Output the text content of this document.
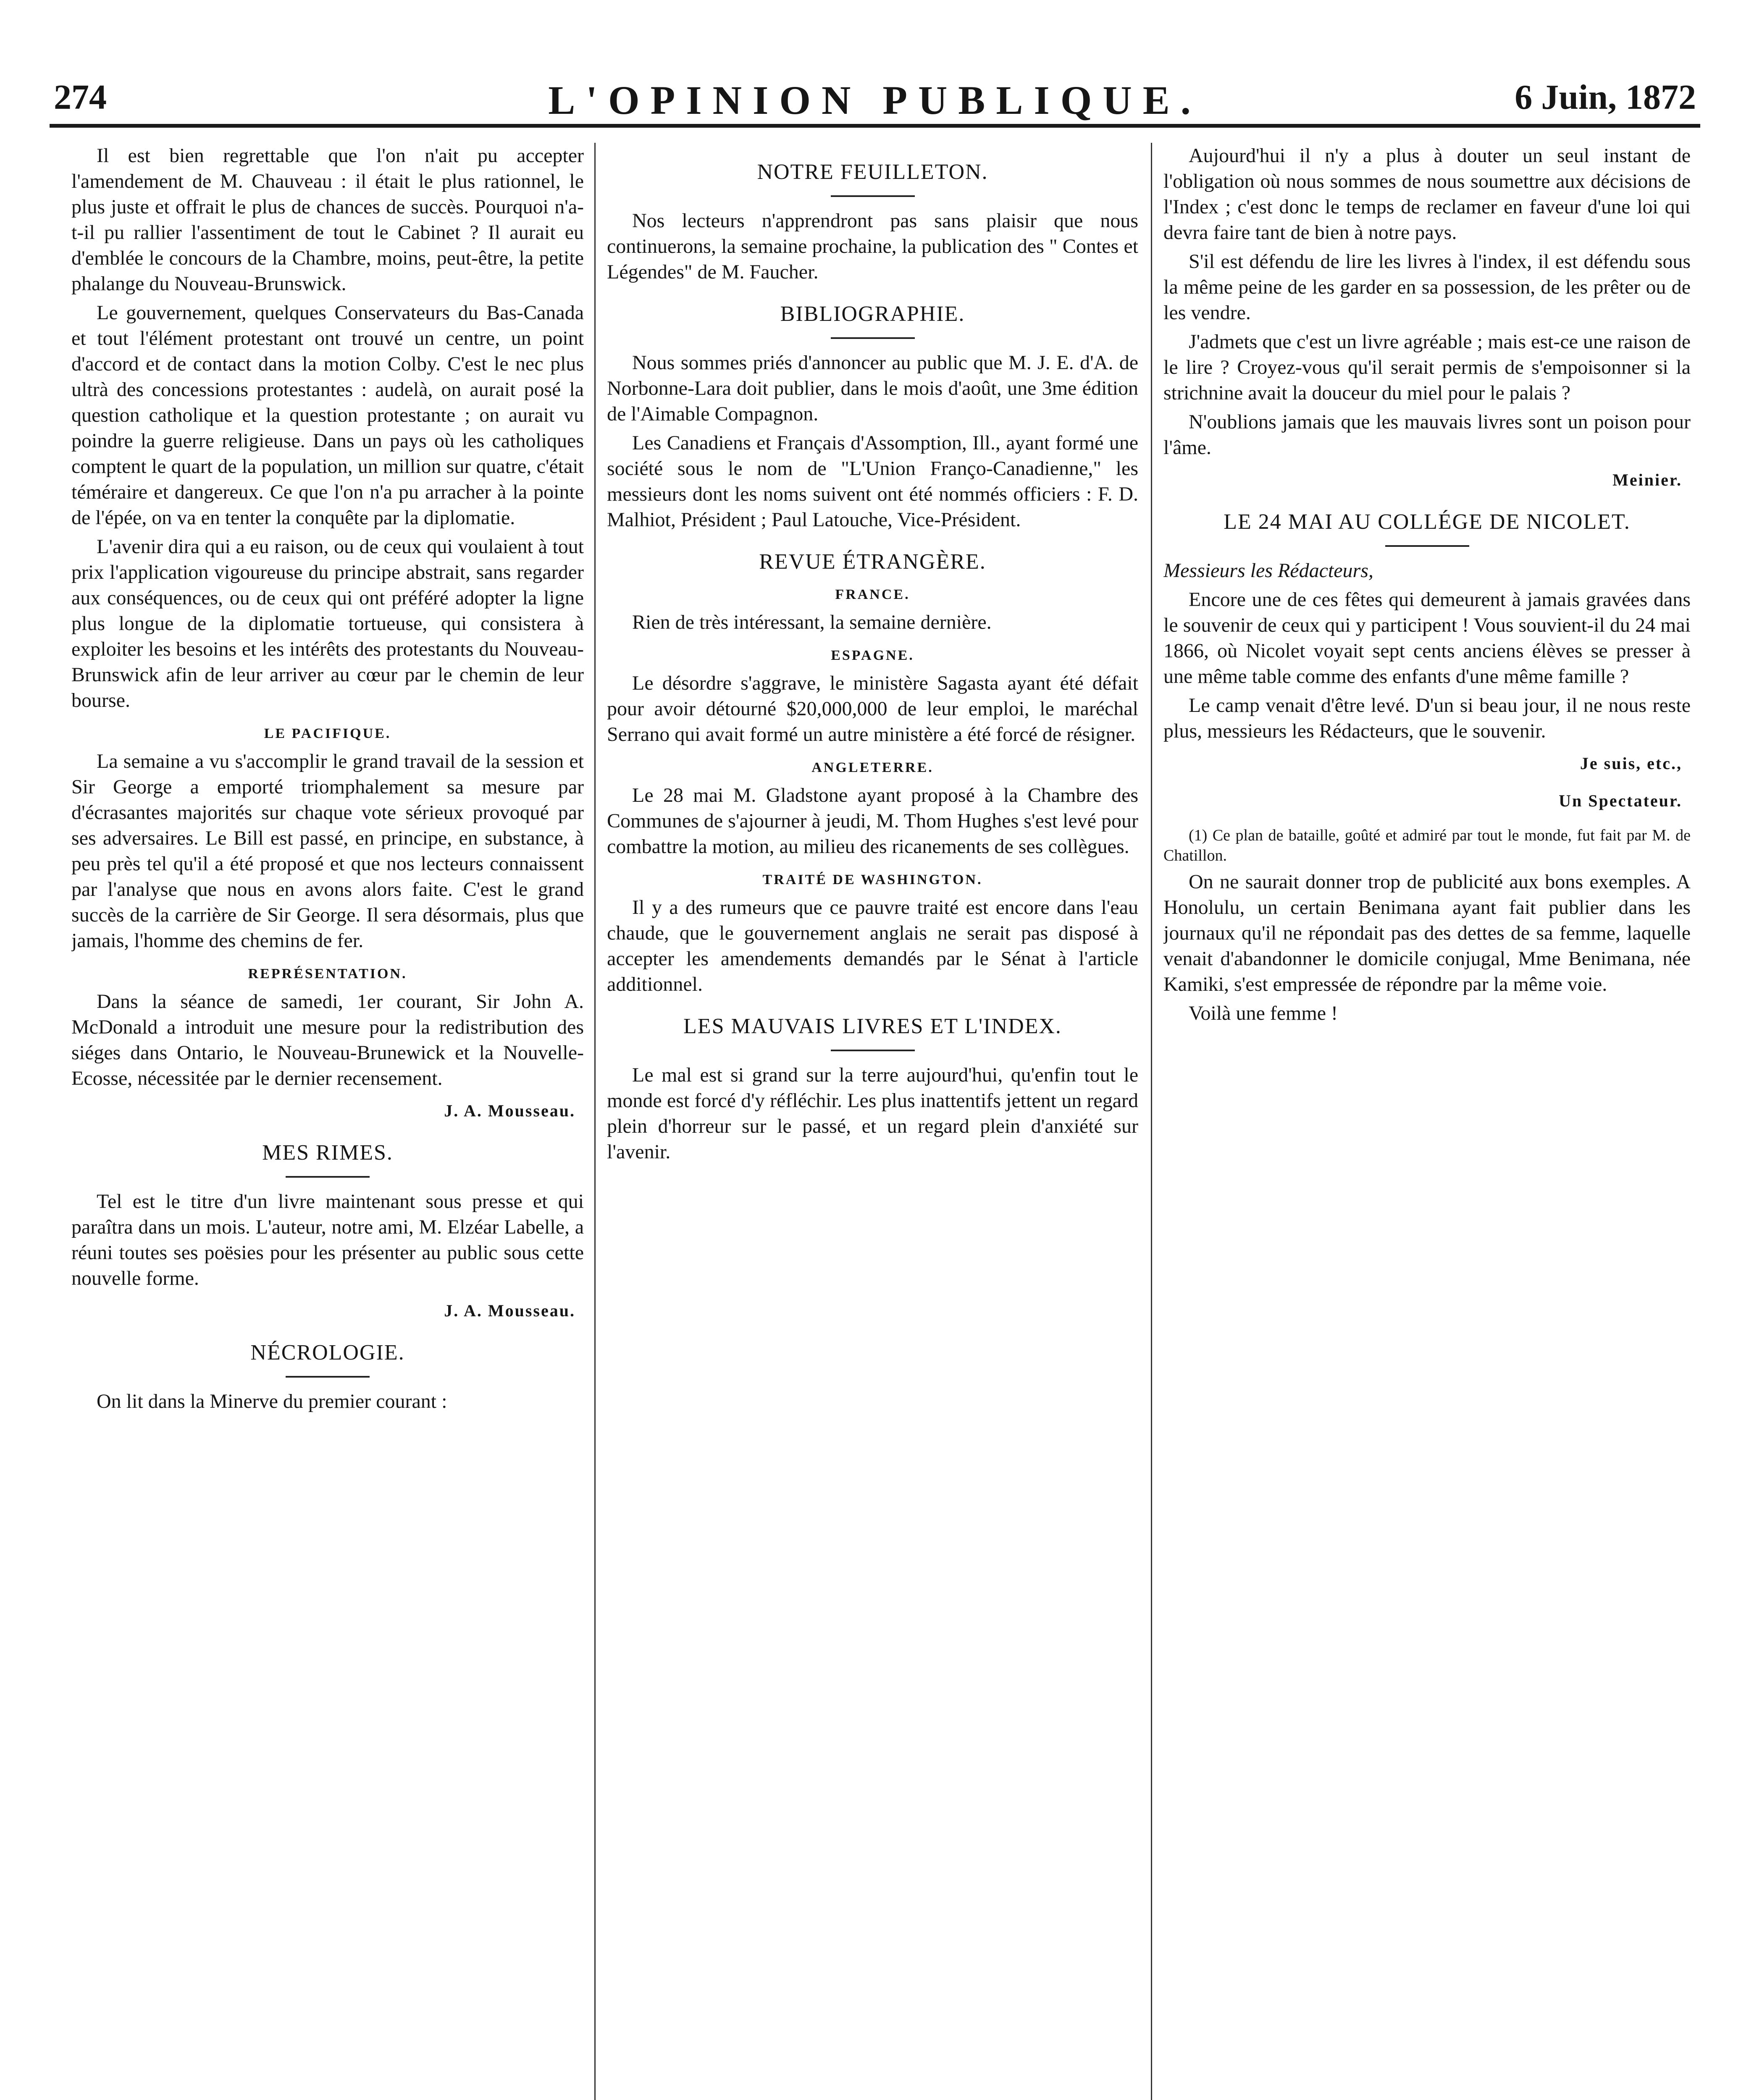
274	L'OPINION PUBLIQUE.	6 Juin, 1872

Il est bien regrettable que l'on n'ait pu accepter l'amendement de M. Chauveau : il était le plus rationnel, le plus juste et offrait le plus de chances de succès. Pourquoi n'a-t-il pu rallier l'assentiment de tout le Cabinet ? Il aurait eu d'emblée le concours de la Chambre, moins, peut-être, la petite phalange du Nouveau-Brunswick.

Le gouvernement, quelques Conservateurs du Bas-Canada et tout l'élément protestant ont trouvé un centre, un point d'accord et de contact dans la motion Colby. C'est le nec plus ultrà des concessions protestantes : audelà, on aurait posé la question catholique et la question protestante ; on aurait vu poindre la guerre religieuse. Dans un pays où les catholiques comptent le quart de la population, un million sur quatre, c'était téméraire et dangereux. Ce que l'on n'a pu arracher à la pointe de l'épée, on va en tenter la conquête par la diplomatie.

L'avenir dira qui a eu raison, ou de ceux qui voulaient à tout prix l'application vigoureuse du principe abstrait, sans regarder aux conséquences, ou de ceux qui ont préféré adopter la ligne plus longue de la diplomatie tortueuse, qui consistera à exploiter les besoins et les intérêts des protestants du Nouveau-Brunswick afin de leur arriver au cœur par le chemin de leur bourse.

LE PACIFIQUE.

La semaine a vu s'accomplir le grand travail de la session et Sir George a emporté triomphalement sa mesure par d'écrasantes majorités sur chaque vote sérieux provoqué par ses adversaires. Le Bill est passé, en principe, en substance, à peu près tel qu'il a été proposé et que nos lecteurs connaissent par l'analyse que nous en avons alors faite. C'est le grand succès de la carrière de Sir George. Il sera désormais, plus que jamais, l'homme des chemins de fer.

REPRÉSENTATION.

Dans la séance de samedi, 1er courant, Sir John A. McDonald a introduit une mesure pour la redistribution des siéges dans Ontario, le Nouveau-Brunewick et la Nouvelle-Ecosse, nécessitée par le dernier recensement.

J. A. Mousseau.

MES RIMES.

Tel est le titre d'un livre maintenant sous presse et qui paraîtra dans un mois. L'auteur, notre ami, M. Elzéar Labelle, a réuni toutes ses poësies pour les présenter au public sous cette nouvelle forme.

J. A. Mousseau.

NÉCROLOGIE.

On lit dans la Minerve du premier courant :

NOTRE FEUILLETON.

Nos lecteurs n'apprendront pas sans plaisir que nous continuerons, la semaine prochaine, la publication des " Contes et Légendes" de M. Faucher.

BIBLIOGRAPHIE.

Nous sommes priés d'annoncer au public que M. J. E. d'A. de Norbonne-Lara doit publier, dans le mois d'août, une 3me édition de l'Aimable Compagnon.

Les Canadiens et Français d'Assomption, Ill., ayant formé une société sous le nom de "L'Union Franço-Canadienne," les messieurs dont les noms suivent ont été nommés officiers : F. D. Malhiot, Président ; Paul Latouche, Vice-Président.

REVUE ÉTRANGÈRE.
FRANCE.

Rien de très intéressant, la semaine dernière.

ESPAGNE.

Le désordre s'aggrave, le ministère Sagasta ayant été défait pour avoir détourné $20,000,000 de leur emploi, le maréchal Serrano qui avait formé un autre ministère a été forcé de résigner.

ANGLETERRE.

Le 28 mai M. Gladstone ayant proposé à la Chambre des Communes de s'ajourner à jeudi, M. Thom Hughes s'est levé pour combattre la motion, au milieu des ricanements de ses collègues.

TRAITÉ DE WASHINGTON.

Il y a des rumeurs que ce pauvre traité est encore dans l'eau chaude, que le gouvernement anglais ne serait pas disposé à accepter les amendements demandés par le Sénat à l'article additionnel.

LES MAUVAIS LIVRES ET L'INDEX.

Le mal est si grand sur la terre aujourd'hui, qu'enfin tout le monde est forcé d'y réfléchir. Les plus inattentifs jettent un regard plein d'horreur sur le passé, et un regard plein d'anxiété sur l'avenir.

Aujourd'hui il n'y a plus à douter un seul instant de l'obligation où nous sommes de nous soumettre aux décisions de l'Index ; c'est donc le temps de reclamer en faveur d'une loi qui devra faire tant de bien à notre pays.

S'il est défendu de lire les livres à l'index, il est défendu sous la même peine de les garder en sa possession, de les prêter ou de les vendre.

J'admets que c'est un livre agréable ; mais est-ce une raison de le lire ? Croyez-vous qu'il serait permis de s'empoisonner si la strichnine avait la douceur du miel pour le palais ?

N'oublions jamais que les mauvais livres sont un poison pour l'âme.

Meinier.

LE 24 MAI AU COLLÉGE DE NICOLET.

Messieurs les Rédacteurs,

Encore une de ces fêtes qui demeurent à jamais gravées dans le souvenir de ceux qui y participent ! Vous souvient-il du 24 mai 1866, où Nicolet voyait sept cents anciens élèves se presser à une même table comme des enfants d'une même famille ?

Le camp venait d'être levé. D'un si beau jour, il ne nous reste plus, messieurs les Rédacteurs, que le souvenir.

Je suis, etc.,

Un Spectateur.

(1) Ce plan de bataille, goûté et admiré par tout le monde, fut fait par M. de Chatillon.

On ne saurait donner trop de publicité aux bons exemples. A Honolulu, un certain Benimana ayant fait publier dans les journaux qu'il ne répondait pas des dettes de sa femme, laquelle venait d'abandonner le domicile conjugal, Mme Benimana, née Kamiki, s'est empressée de répondre par la même voie.

Voilà une femme !
